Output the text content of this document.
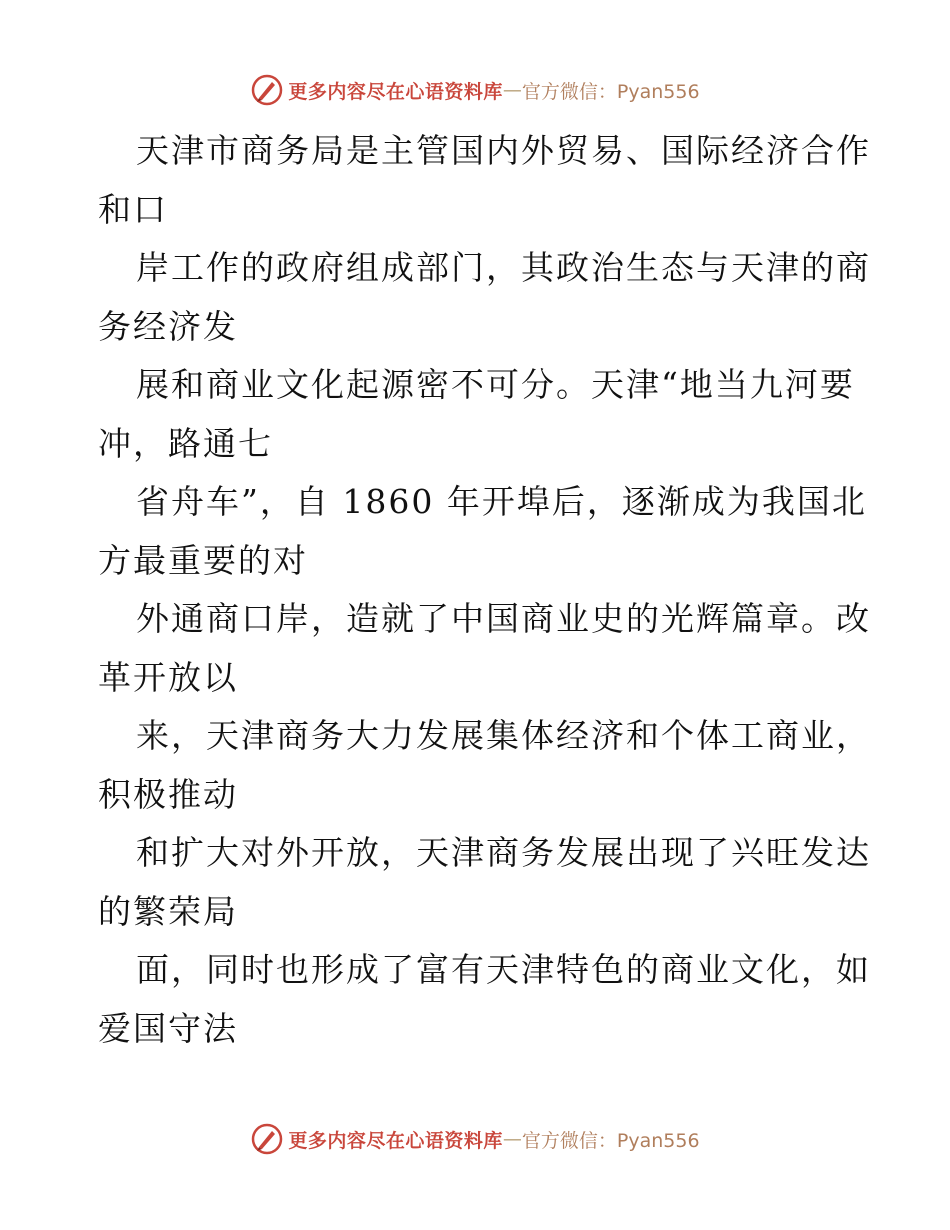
更多内容尽在心语资料库 — 官方微信：Pyan556
天津市商务局是主管国内外贸易、国际经济合作
和口
岸工作的政府组成部门，其政治生态与天津的商
务经济发
展和商业文化起源密不可分。天津“地当九河要
冲，路通七
省舟车”，自 1860 年开埠后，逐渐成为我国北
方最重要的对
外通商口岸，造就了中国商业史的光辉篇章。改
革开放以
来，天津商务大力发展集体经济和个体工商业，
积极推动
和扩大对外开放，天津商务发展出现了兴旺发达
的繁荣局
面，同时也形成了富有天津特色的商业文化，如
爱国守法
更多内容尽在心语资料库 — 官方微信：Pyan556
